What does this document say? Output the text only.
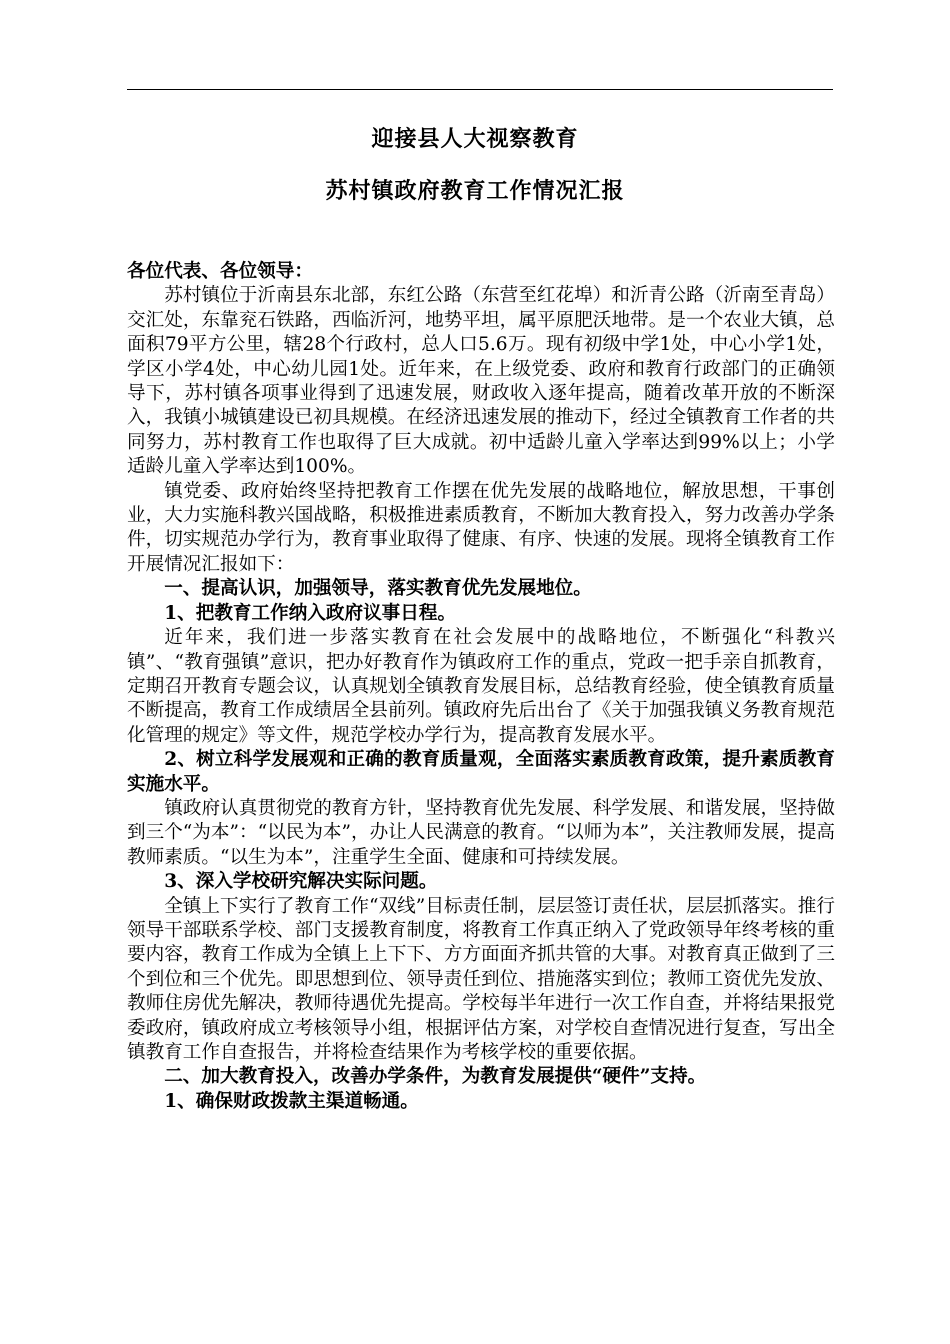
迎接县人大视察教育
苏村镇政府教育工作情况汇报

各位代表、各位领导：

苏村镇位于沂南县东北部，东红公路（东营至红花埠）和沂青公路（沂南至青岛）交汇处，东靠兖石铁路，西临沂河，地势平坦，属平原肥沃地带。是一个农业大镇，总面积79平方公里，辖28个行政村，总人口5.6万。现有初级中学1处，中心小学1处，学区小学4处，中心幼儿园1处。近年来，在上级党委、政府和教育行政部门的正确领导下，苏村镇各项事业得到了迅速发展，财政收入逐年提高，随着改革开放的不断深入，我镇小城镇建设已初具规模。在经济迅速发展的推动下，经过全镇教育工作者的共同努力，苏村教育工作也取得了巨大成就。初中适龄儿童入学率达到99%以上；小学适龄儿童入学率达到100%。

镇党委、政府始终坚持把教育工作摆在优先发展的战略地位，解放思想，干事创业，大力实施科教兴国战略，积极推进素质教育，不断加大教育投入，努力改善办学条件，切实规范办学行为，教育事业取得了健康、有序、快速的发展。现将全镇教育工作开展情况汇报如下：

一、提高认识，加强领导，落实教育优先发展地位。

1、把教育工作纳入政府议事日程。

近年来，我们进一步落实教育在社会发展中的战略地位，不断强化“科教兴镇”、“教育强镇”意识，把办好教育作为镇政府工作的重点，党政一把手亲自抓教育，定期召开教育专题会议，认真规划全镇教育发展目标，总结教育经验，使全镇教育质量不断提高，教育工作成绩居全县前列。镇政府先后出台了《关于加强我镇义务教育规范化管理的规定》等文件，规范学校办学行为，提高教育发展水平。

2、树立科学发展观和正确的教育质量观，全面落实素质教育政策，提升素质教育实施水平。

镇政府认真贯彻党的教育方针，坚持教育优先发展、科学发展、和谐发展，坚持做到三个“为本”：“以民为本”，办让人民满意的教育。“以师为本”，关注教师发展，提高教师素质。“以生为本”，注重学生全面、健康和可持续发展。

3、深入学校研究解决实际问题。

全镇上下实行了教育工作“双线”目标责任制，层层签订责任状，层层抓落实。推行领导干部联系学校、部门支援教育制度，将教育工作真正纳入了党政领导年终考核的重要内容，教育工作成为全镇上上下下、方方面面齐抓共管的大事。对教育真正做到了三个到位和三个优先。即思想到位、领导责任到位、措施落实到位；教师工资优先发放、教师住房优先解决，教师待遇优先提高。学校每半年进行一次工作自查，并将结果报党委政府，镇政府成立考核领导小组，根据评估方案，对学校自查情况进行复查，写出全镇教育工作自查报告，并将检查结果作为考核学校的重要依据。

二、加大教育投入，改善办学条件，为教育发展提供“硬件”支持。

1、确保财政拨款主渠道畅通。
